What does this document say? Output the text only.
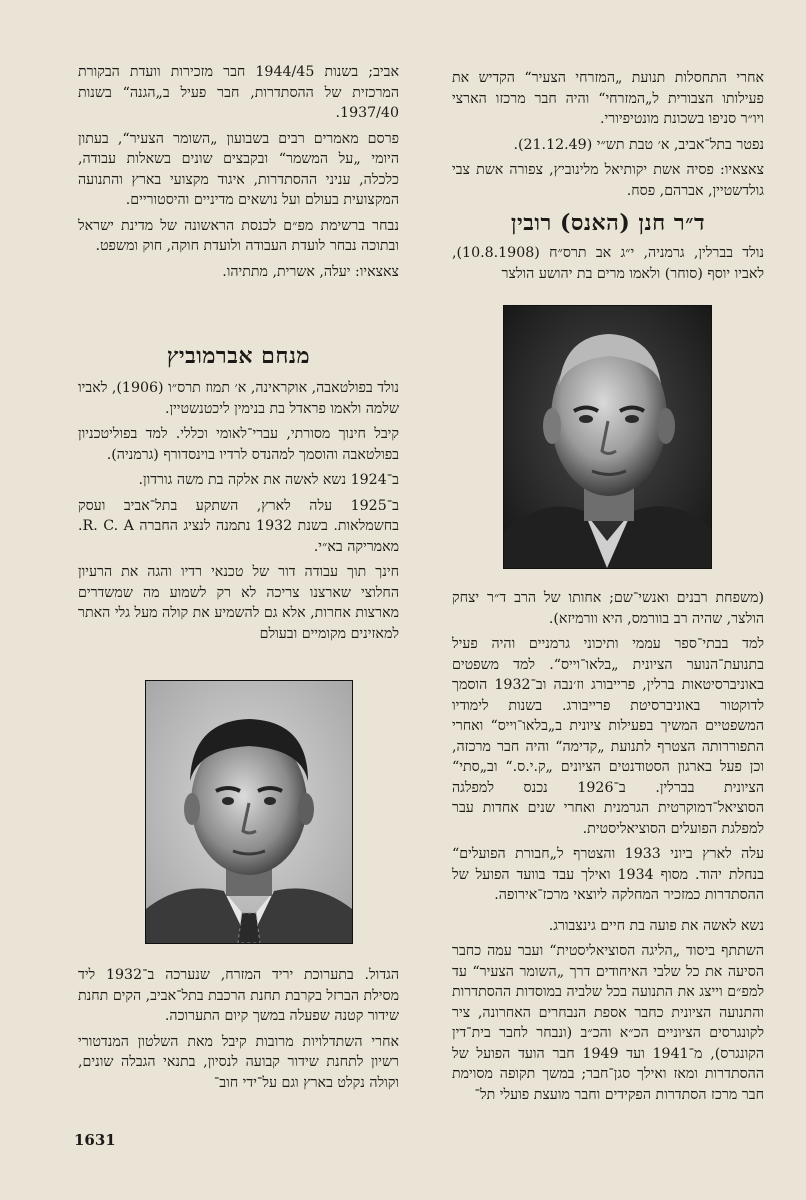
אחרי התחסלות תנועת „המזרחי הצעיר“ הקדיש את פעילותו הצבורית ל„המזרחי“ והיה חבר מרכזו הארצי ויו״ר סניפו בשכונת מונטיפיורי.

נפטר בתל־אביב, א׳ טבת תש״י (21.12.49).

צאצאיו: פסיה אשת יקותיאל מלינוביץ, צפורה אשת צבי גולדשטיין, אברהם, פסח.

ד״ר חנן (האנס) רובין

נולד בברלין, גרמניה, י״ג אב תרס״ח (10.8.1908), לאביו יוסף (סוחר) ולאמו מרים בת יהושע הולצר

(משפחת רבנים ואנשי־שם; אחותו של הרב ד״ר יצחק הולצר, שהיה רב בוורמס, היא וורמיזא).

למד בבתי־ספר עממי ותיכוני גרמניים והיה פעיל בתנועת־הנוער הציונית „בלאו־וייס“. למד משפטים באוניברסיטאות ברלין, פרייבורג וז׳נבה וב־1932 הוסמך לדוקטור באוניברסיטת פרייבורג. בשנות לימודיו המשפטיים המשיך בפעילות ציונית ב„בלאו־וייס“ ואחרי התפוררותה הצטרף לתנועת „קדימה“ והיה חבר מרכזה, וכן פעל בארגון הסטודנטים הציונים „ק.י.ס.“ וב„סתי“ הציונית בברלין. ב־1926 נכנס למפלגה הסוציאל־דמוקרטית הגרמנית ואחרי שנים אחדות עבר למפלגת הפועלים הסוציאליסטית.

עלה לארץ ביוני 1933 והצטרף ל„חבורת הפועלים“ בנחלת יהוד. מסוף 1934 ואילך עבד בוועד הפועל של ההסתדרות כמזכיר המחלקה ליוצאי מרכז־אירופה.

נשא לאשה את פועה בת חיים גינצבורג.

השתתף ביסוד „הליגה הסוציאליסטית“ ועבר עמה כחבר הסיעה את כל שלבי האיחודים דרך „השומר הצעיר“ עד למפ״ם וייצג את התנועה בכל שלביה במוסדות ההסתדרות והתנועה הציונית כחבר אספת הנבחרים האחרונה, ציר לקונגרסים הציוניים הכ״א והכ״ב (ונבחר לחבר בית־דין הקונגרס), מ־1941 ועד 1949 חבר הועד הפועל של ההסתדרות ומאז ואילך סגן־חבר; במשך תקופה מסוימת חבר מרכז הסתדרות הפקידים וחבר מועצת פועלי תל־

אביב; בשנות 1944/45 חבר מזכירות וועדת הבקורת המרכזית של ההסתדרות, חבר פעיל ב„הגנה“ בשנות 1937/40.

פרסם מאמרים רבים בשבועון „השומר הצעיר“, בעתון היומי „על המשמר“ ובקבצים שונים בשאלות עבודה, כלכלה, עניני ההסתדרות, איגוד מקצועי בארץ והתנועה המקצועית בעולם ועל נושאים מדיניים והיסטוריים.

נבחר ברשימת מפ״ם לכנסת הראשונה של מדינת ישראל ובתוכה נבחר לועדת העבודה ולועדת חוקה, חוק ומשפט.

צאצאיו: יעלה, אשרית, מתתיהו.

מנחם אברמוביץ

נולד בפולטאבה, אוקראינה, א׳ תמוז תרס״ו (1906), לאביו שלמה ולאמו פראדל בת בנימין ליכטנשטיין.

קיבל חינוך מסורתי, עברי־לאומי וכללי. למד בפוליטכניון בפולטאבה והוסמך למהנדס לרדיו בוינסדורף (גרמניה).

ב־1924 נשא לאשה את אלקה בת משה גורדון.

ב־1925 עלה לארץ, השתקע בתל־אביב ועסק בחשמלאות. בשנת 1932 נתמנה לנציג החברה R. C. A. מאמריקה בא״י.

חינך תוך עבודה דור של טכנאי רדיו והגה את הרעיון החלוצי שארצנו צריכה לא רק לשמוע מה שמשדרים מארצות אחרות, אלא גם להשמיע את קולה מעל גלי האתר למאזינים מקומיים ובעולם

הגדול. בתערוכת יריד המזרח, שנערכה ב־1932 ליד מסילת הברזל בקרבת תחנת הרכבת בתל־אביב, הקים תחנת שידור קטנה שפעלה במשך קיום התערוכה.

אחרי השתדלויות מרובות קיבל מאת השלטון המנדטורי רשיון לתחנת שידור קבועה לנסיון, בתנאי הגבלה שונים, וקולה נקלט בארץ וגם על־ידי חוב־

1631
